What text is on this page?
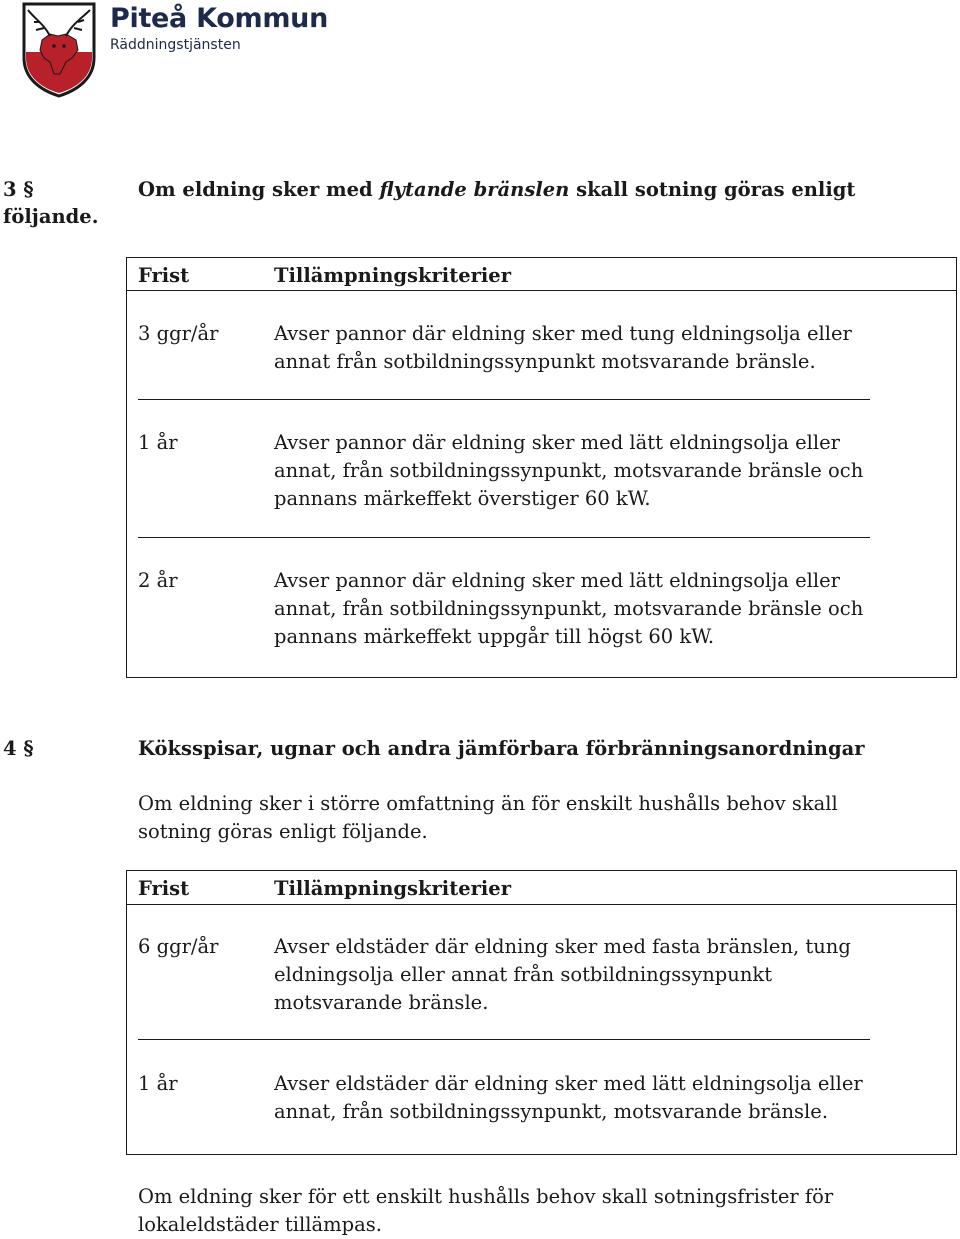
Piteå Kommun
Räddningstjänsten
3 §	Om eldning sker med flytande bränslen skall sotning göras enligt
följande.
Frist	Tillämpningskriterier
3 ggr/år	Avser pannor där eldning sker med tung eldningsolja eller
annat från sotbildningssynpunkt motsvarande bränsle.
1 år	Avser pannor där eldning sker med lätt eldningsolja eller
annat, från sotbildningssynpunkt, motsvarande bränsle och
pannans märkeffekt överstiger 60 kW.
2 år	Avser pannor där eldning sker med lätt eldningsolja eller
annat, från sotbildningssynpunkt, motsvarande bränsle och
pannans märkeffekt uppgår till högst 60 kW.
4 §	Köksspisar, ugnar och andra jämförbara förbränningsanordningar
Om eldning sker i större omfattning än för enskilt hushålls behov skall
sotning göras enligt följande.
Frist	Tillämpningskriterier
6 ggr/år	Avser eldstäder där eldning sker med fasta bränslen, tung
eldningsolja eller annat från sotbildningssynpunkt
motsvarande bränsle.
1 år	Avser eldstäder där eldning sker med lätt eldningsolja eller
annat, från sotbildningssynpunkt, motsvarande bränsle.
Om eldning sker för ett enskilt hushålls behov skall sotningsfrister för
lokaleldstäder tillämpas.
